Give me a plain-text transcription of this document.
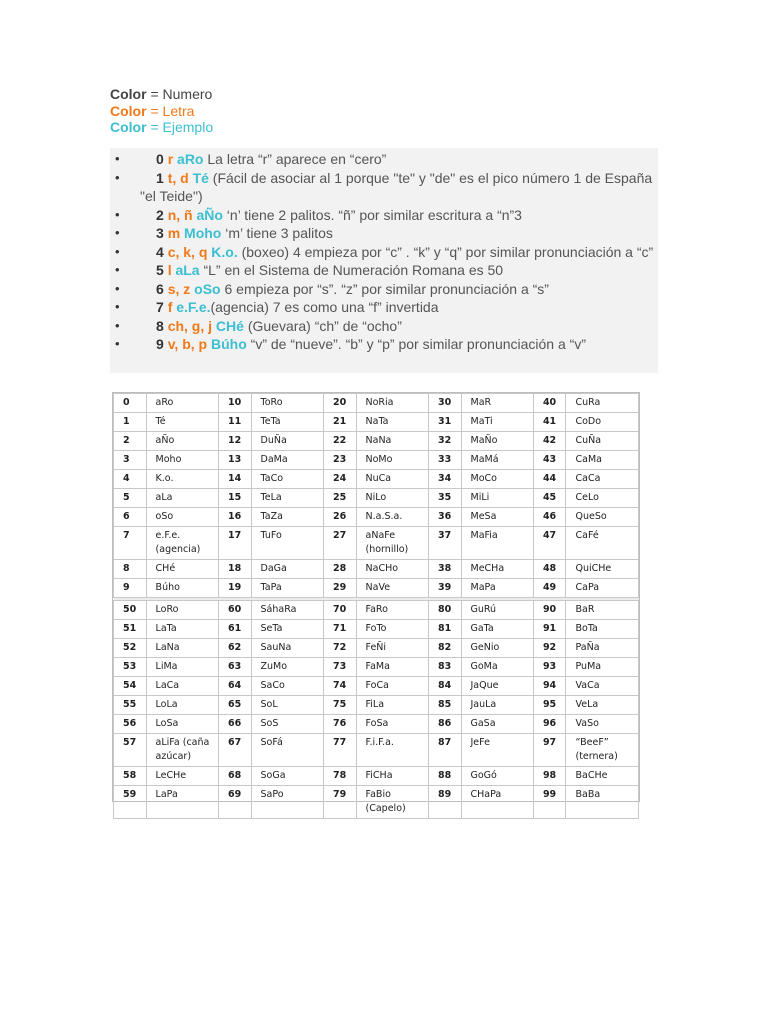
Color = Numero
Color = Letra
Color = Ejemplo
•	0 r aRo La letra “r” aparece en “cero”
•	1 t, d Té (Fácil de asociar al 1 porque "te" y "de" es el pico número 1 de España "el Teide")
•	2 n, ñ aÑo ‘n’ tiene 2 palitos. “ñ” por similar escritura a “n”3
•	3 m Moho ‘m’ tiene 3 palitos
•	4 c, k, q K.o. (boxeo) 4 empieza por “c” . “k” y “q” por similar pronunciación a “c”
•	5 l aLa “L” en el Sistema de Numeración Romana es 50
•	6 s, z oSo 6 empieza por “s”. “z” por similar pronunciación a “s”
•	7 f e.F.e.(agencia) 7 es como una “f” invertida
•	8 ch, g, j CHé (Guevara) “ch” de “ocho”
•	9 v, b, p Búho “v” de “nueve”. “b” y “p” por similar pronunciación a “v”
0	aRo	10	ToRo	20	NoRia	30	MaR	40	CuRa
1	Té	11	TeTa	21	NaTa	31	MaTi	41	CoDo
2	aÑo	12	DuÑa	22	NaNa	32	MaÑo	42	CuÑa
3	Moho	13	DaMa	23	NoMo	33	MaMá	43	CaMa
4	K.o.	14	TaCo	24	NuCa	34	MoCo	44	CaCa
5	aLa	15	TeLa	25	NiLo	35	MiLi	45	CeLo
6	oSo	16	TaZa	26	N.a.S.a.	36	MeSa	46	QueSo
7	e.F.e. (agencia)	17	TuFo	27	aNaFe (hornillo)	37	MaFia	47	CaFé
8	CHé	18	DaGa	28	NaCHo	38	MeCHa	48	QuiCHe
9	Búho	19	TaPa	29	NaVe	39	MaPa	49	CaPa

50	LoRo	60	SáhaRa	70	FaRo	80	GuRú	90	BaR
51	LaTa	61	SeTa	71	FoTo	81	GaTa	91	BoTa
52	LaNa	62	SauNa	72	FeÑi	82	GeNio	92	PaÑa
53	LiMa	63	ZuMo	73	FaMa	83	GoMa	93	PuMa
54	LaCa	64	SaCo	74	FoCa	84	JaQue	94	VaCa
55	LoLa	65	SoL	75	FiLa	85	JauLa	95	VeLa
56	LoSa	66	SoS	76	FoSa	86	GaSa	96	VaSo
57	aLiFa (caña azúcar)	67	SoFá	77	F.i.F.a.	87	JeFe	97	“BeeF” (ternera)
58	LeCHe	68	SoGa	78	FiCHa	88	GoGó	98	BaCHe
59	LaPa	69	SaPo	79	FaBio (Capelo)	89	CHaPa	99	BaBa
